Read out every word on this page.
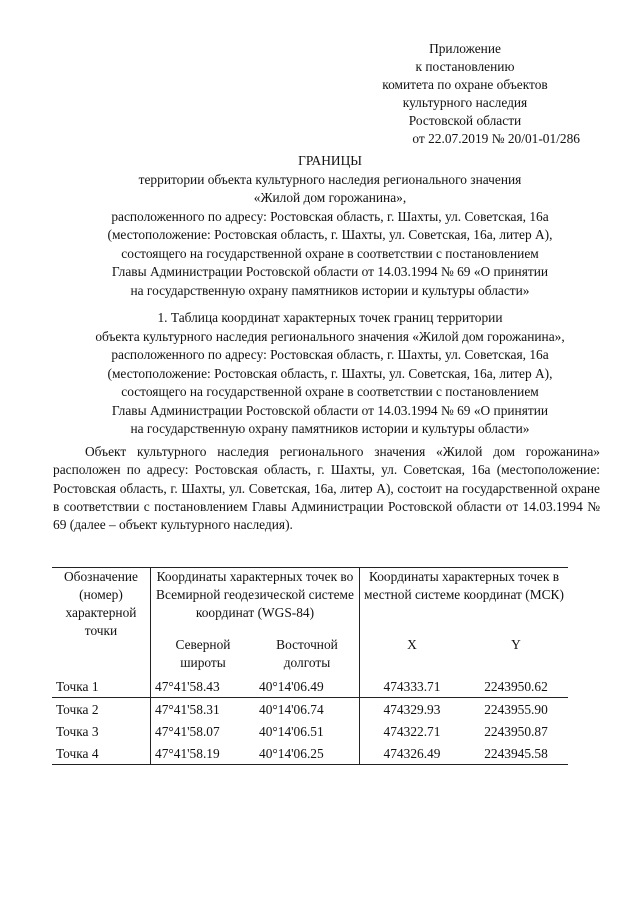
Приложение
к постановлению
комитета по охране объектов
культурного наследия
Ростовской области
от 22.07.2019 № 20/01-01/286
ГРАНИЦЫ
территории объекта культурного наследия регионального значения
«Жилой дом горожанина»,
расположенного по адресу: Ростовская область, г. Шахты, ул. Советская, 16а
(местоположение: Ростовская область, г. Шахты, ул. Советская, 16а, литер А),
состоящего на государственной охране в соответствии с постановлением
Главы Администрации Ростовской области от 14.03.1994 № 69 «О принятии
на государственную охрану памятников истории и культуры области»
1. Таблица координат характерных точек границ территории
объекта культурного наследия регионального значения «Жилой дом горожанина»,
расположенного по адресу: Ростовская область, г. Шахты, ул. Советская, 16а
(местоположение: Ростовская область, г. Шахты, ул. Советская, 16а, литер А),
состоящего на государственной охране в соответствии с постановлением
Главы Администрации Ростовской области от 14.03.1994 № 69 «О принятии
на государственную охрану памятников истории и культуры области»
Объект культурного наследия регионального значения «Жилой дом горожанина» расположен по адресу: Ростовская область, г. Шахты, ул. Советская, 16а (местоположение: Ростовская область, г. Шахты, ул. Советская, 16а, литер А), состоит на государственной охране в соответствии с постановлением Главы Администрации Ростовской области от 14.03.1994 № 69 (далее – объект культурного наследия).
Обозначение (номер) характерной точки	Координаты характерных точек во Всемирной геодезической системе координат (WGS-84)		Координаты характерных точек в местной системе координат (МСК)	
	Северной широты	Восточной долготы	X	Y
Точка 1	47°41'58.43	40°14'06.49	474333.71	2243950.62
Точка 2	47°41'58.31	40°14'06.74	474329.93	2243955.90
Точка 3	47°41'58.07	40°14'06.51	474322.71	2243950.87
Точка 4	47°41'58.19	40°14'06.25	474326.49	2243945.58
